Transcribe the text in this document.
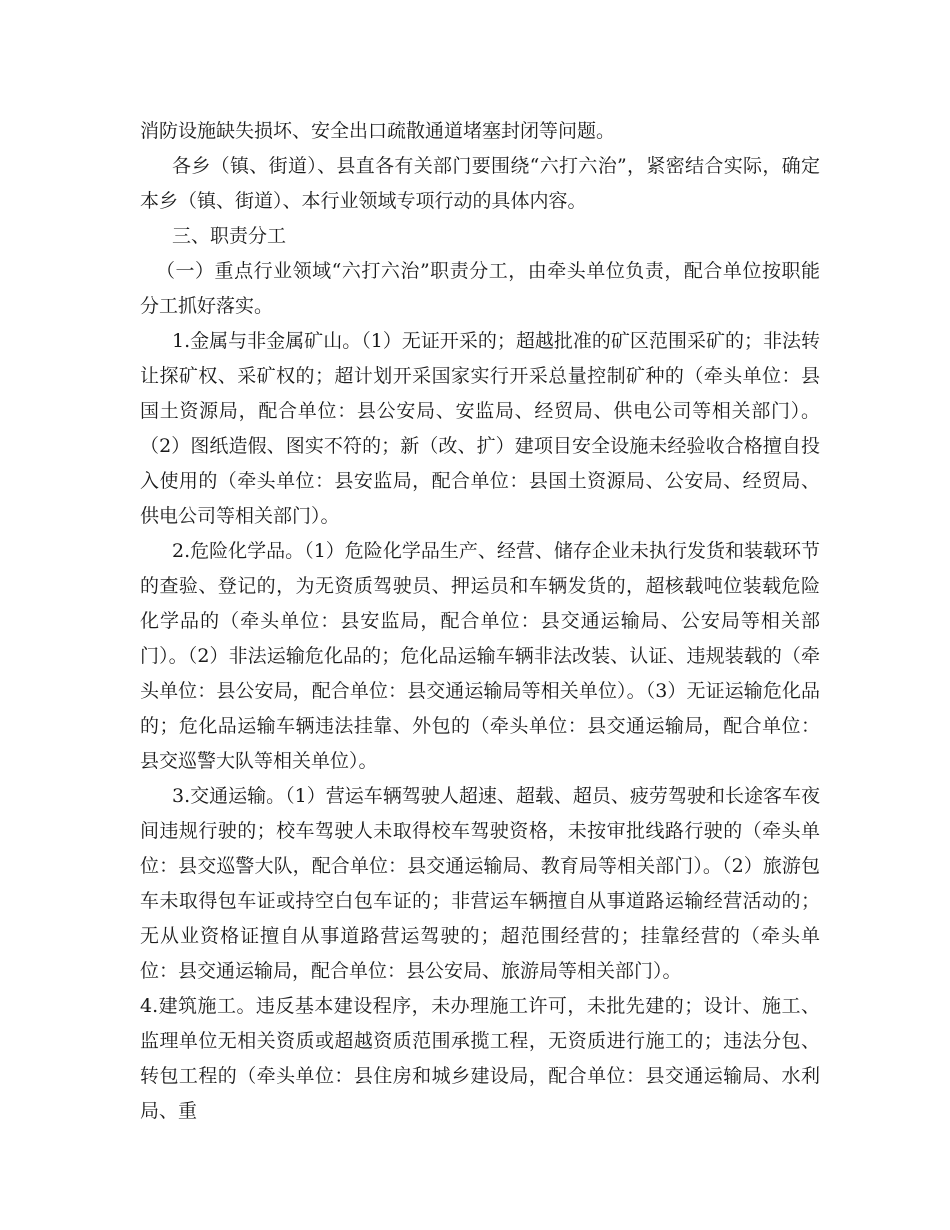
消防设施缺失损坏、安全出口疏散通道堵塞封闭等问题。

各乡（镇、街道）、县直各有关部门要围绕“六打六治”，紧密结合实际，确定本乡（镇、街道）、本行业领域专项行动的具体内容。

三、职责分工

（一）重点行业领域“六打六治”职责分工，由牵头单位负责，配合单位按职能分工抓好落实。

1.金属与非金属矿山。（1）无证开采的；超越批准的矿区范围采矿的；非法转让探矿权、采矿权的；超计划开采国家实行开采总量控制矿种的（牵头单位：县国土资源局，配合单位：县公安局、安监局、经贸局、供电公司等相关部门）。（2）图纸造假、图实不符的；新（改、扩）建项目安全设施未经验收合格擅自投入使用的（牵头单位：县安监局，配合单位：县国土资源局、公安局、经贸局、供电公司等相关部门）。

2.危险化学品。（1）危险化学品生产、经营、储存企业未执行发货和装载环节的查验、登记的，为无资质驾驶员、押运员和车辆发货的，超核载吨位装载危险化学品的（牵头单位：县安监局，配合单位：县交通运输局、公安局等相关部门）。（2）非法运输危化品的；危化品运输车辆非法改装、认证、违规装载的（牵头单位：县公安局，配合单位：县交通运输局等相关单位）。（3）无证运输危化品的；危化品运输车辆违法挂靠、外包的（牵头单位：县交通运输局，配合单位：县交巡警大队等相关单位）。

3.交通运输。（1）营运车辆驾驶人超速、超载、超员、疲劳驾驶和长途客车夜间违规行驶的；校车驾驶人未取得校车驾驶资格，未按审批线路行驶的（牵头单位：县交巡警大队，配合单位：县交通运输局、教育局等相关部门）。（2）旅游包车未取得包车证或持空白包车证的；非营运车辆擅自从事道路运输经营活动的；无从业资格证擅自从事道路营运驾驶的；超范围经营的；挂靠经营的（牵头单位：县交通运输局，配合单位：县公安局、旅游局等相关部门）。

4.建筑施工。违反基本建设程序，未办理施工许可，未批先建的；设计、施工、监理单位无相关资质或超越资质范围承揽工程，无资质进行施工的；违法分包、转包工程的（牵头单位：县住房和城乡建设局，配合单位：县交通运输局、水利局、重
